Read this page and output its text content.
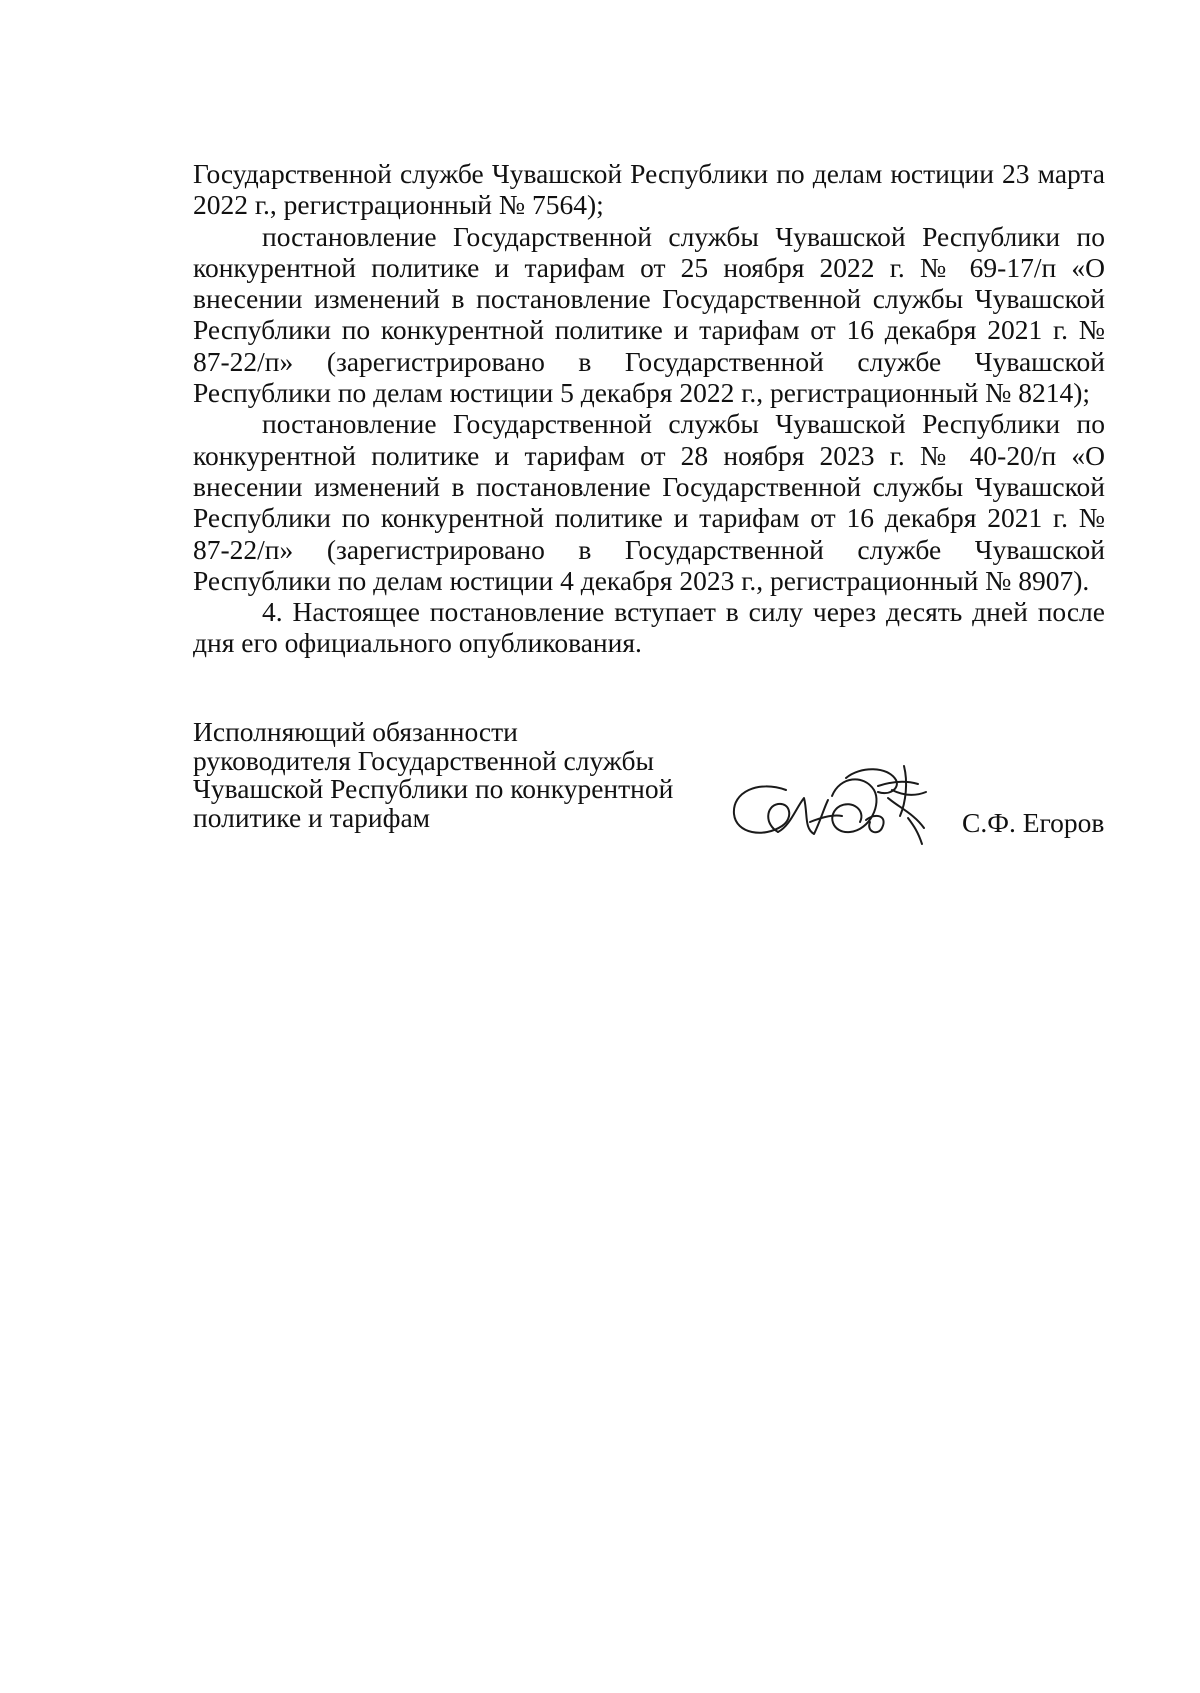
Государственной службе Чувашской Республики по делам юстиции 23 марта 2022 г., регистрационный № 7564);

постановление Государственной службы Чувашской Республики по конкурентной политике и тарифам от 25 ноября 2022 г. № 69-17/п «О внесении изменений в постановление Государственной службы Чувашской Республики по конкурентной политике и тарифам от 16 декабря 2021 г. № 87-22/п» (зарегистрировано в Государственной службе Чувашской Республики по делам юстиции 5 декабря 2022 г., регистрационный № 8214);

постановление Государственной службы Чувашской Республики по конкурентной политике и тарифам от 28 ноября 2023 г. № 40-20/п «О внесении изменений в постановление Государственной службы Чувашской Республики по конкурентной политике и тарифам от 16 декабря 2021 г. № 87-22/п» (зарегистрировано в Государственной службе Чувашской Республики по делам юстиции 4 декабря 2023 г., регистрационный № 8907).

4. Настоящее постановление вступает в силу через десять дней после дня его официального опубликования.

Исполняющий обязанности
руководителя Государственной службы
Чувашской Республики по конкурентной
политике и тарифам	С.Ф. Егоров
